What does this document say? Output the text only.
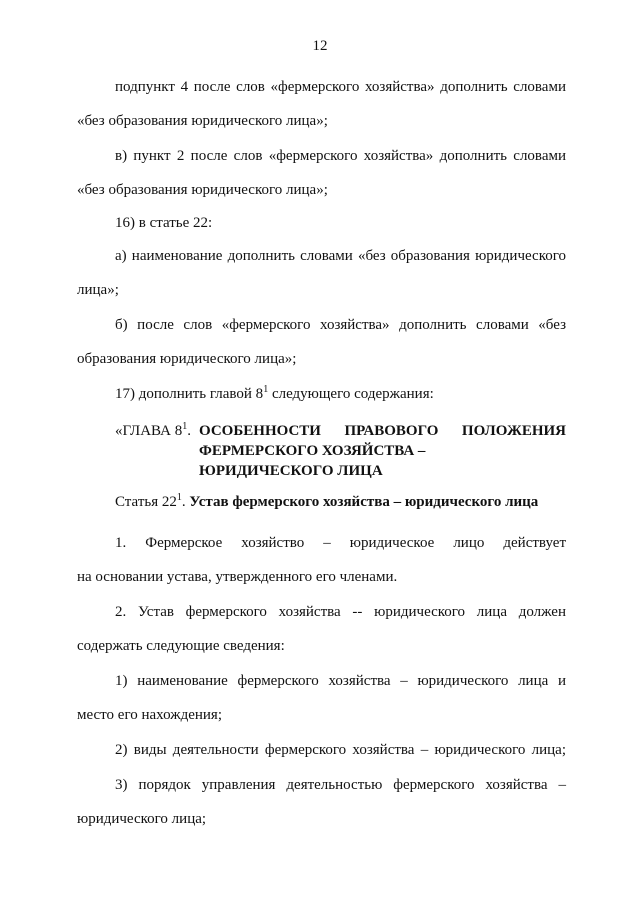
12
подпункт 4 после слов «фермерского хозяйства» дополнить словами
«без образования юридического лица»;
в) пункт 2 после слов «фермерского хозяйства» дополнить словами
«без образования юридического лица»;
16) в статье 22:
а) наименование дополнить словами «без образования юридического
лица»;
б) после слов «фермерского хозяйства» дополнить словами «без
образования юридического лица»;
17) дополнить главой $8^1$ следующего содержания:
«ГЛАВА $8^1$. ОСОБЕННОСТИ ПРАВОВОГО ПОЛОЖЕНИЯ
ФЕРМЕРСКОГО ХОЗЯЙСТВА –
ЮРИДИЧЕСКОГО ЛИЦА
Статья $22^1$. Устав фермерского хозяйства – юридического лица
1. Фермерское хозяйство – юридическое лицо действует
на основании устава, утвержденного его членами.
2. Устав фермерского хозяйства -- юридического лица должен
содержать следующие сведения:
1) наименование фермерского хозяйства – юридического лица и
место его нахождения;
2) виды деятельности фермерского хозяйства – юридического лица;
3) порядок управления деятельностью фермерского хозяйства –
юридического лица;
